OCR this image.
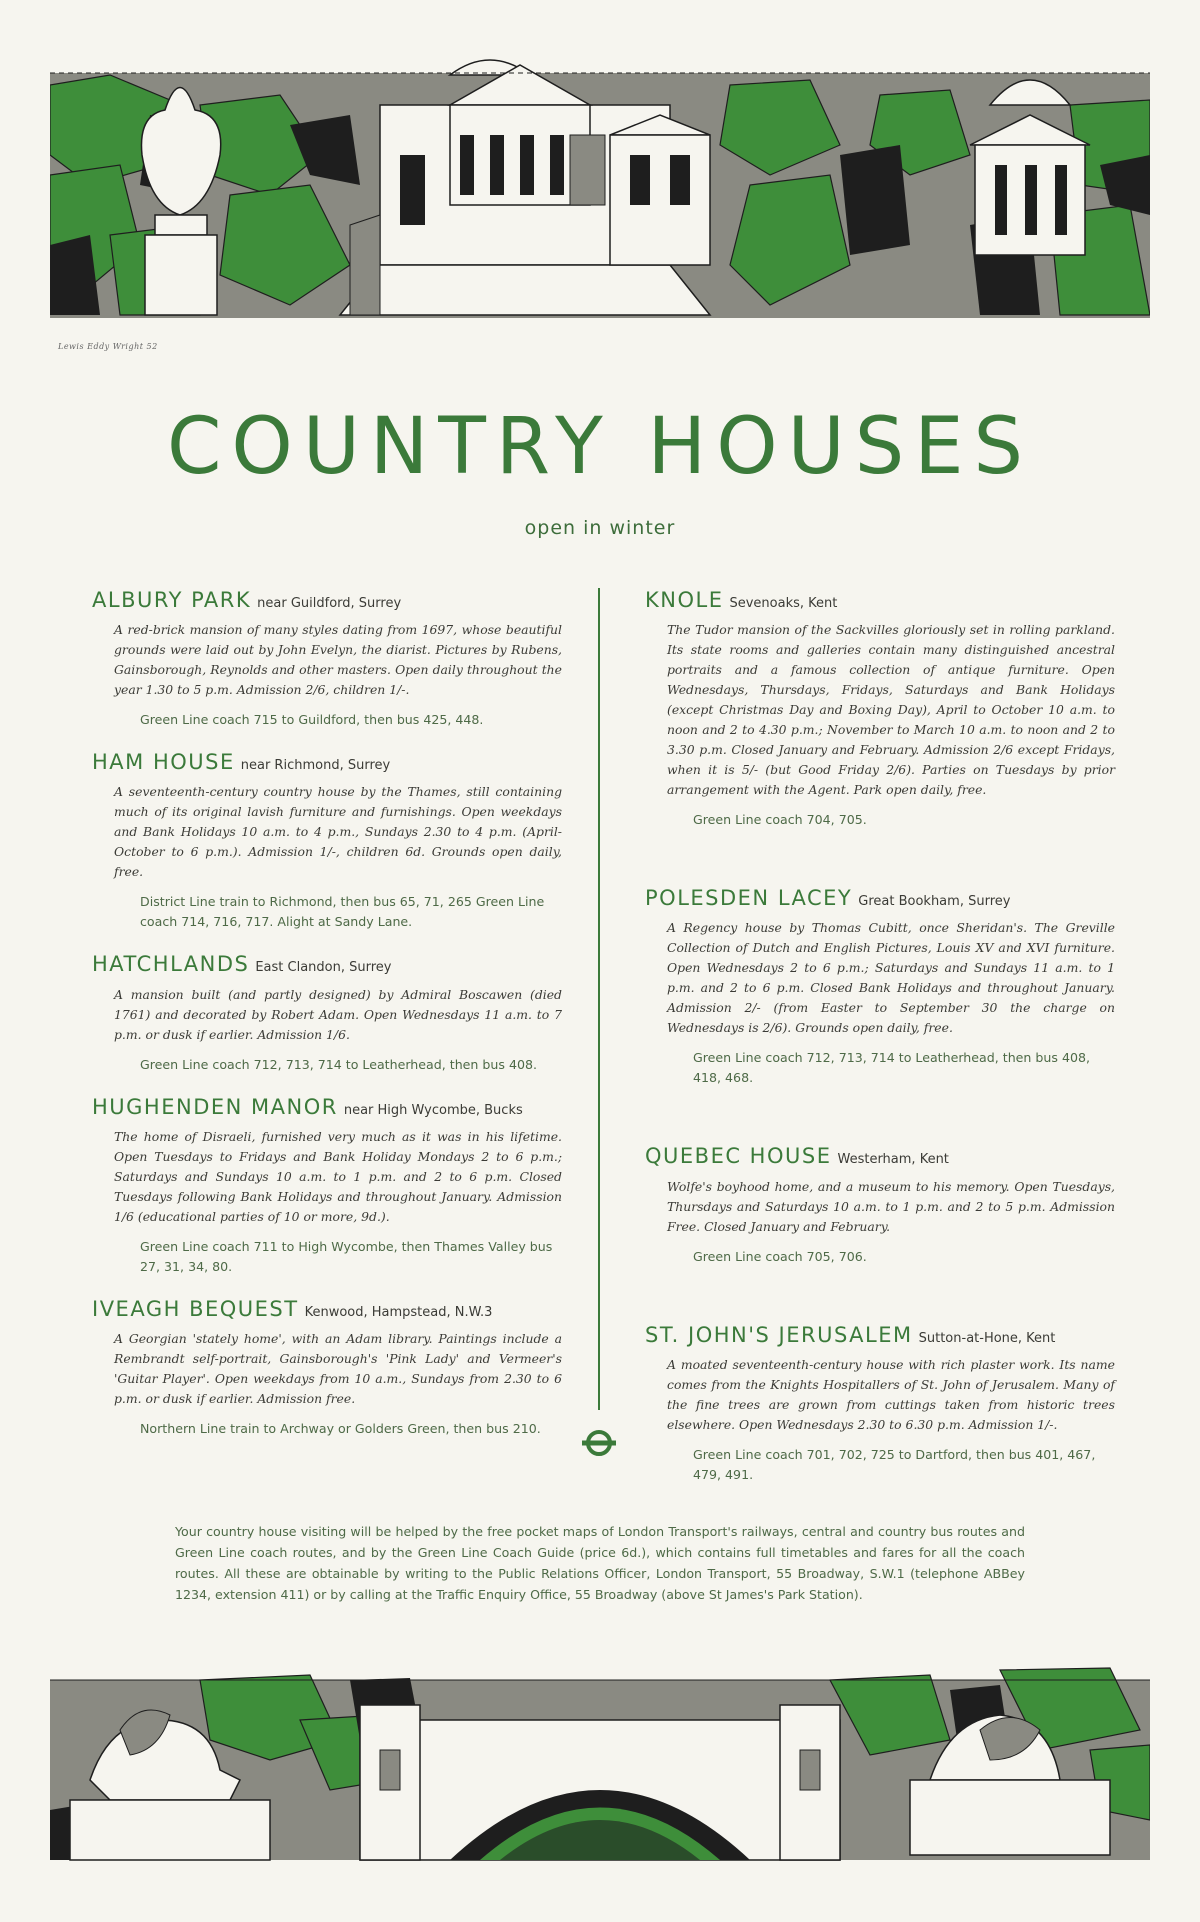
Lewis Eddy Wright 52
COUNTRY HOUSES
open in winter

ALBURY PARK near Guildford, Surrey

A red-brick mansion of many styles dating from 1697, whose beautiful grounds were laid out by John Evelyn, the diarist. Pictures by Rubens, Gainsborough, Reynolds and other masters. Open daily throughout the year 1.30 to 5 p.m. Admission 2/6, children 1/-.

Green Line coach 715 to Guildford, then bus 425, 448.

HAM HOUSE near Richmond, Surrey

A seventeenth-century country house by the Thames, still containing much of its original lavish furniture and furnishings. Open weekdays and Bank Holidays 10 a.m. to 4 p.m., Sundays 2.30 to 4 p.m. (April-October to 6 p.m.). Admission 1/-, children 6d. Grounds open daily, free.

District Line train to Richmond, then bus 65, 71, 265 Green Line coach 714, 716, 717. Alight at Sandy Lane.

HATCHLANDS East Clandon, Surrey

A mansion built (and partly designed) by Admiral Boscawen (died 1761) and decorated by Robert Adam. Open Wednesdays 11 a.m. to 7 p.m. or dusk if earlier. Admission 1/6.

Green Line coach 712, 713, 714 to Leatherhead, then bus 408.

HUGHENDEN MANOR near High Wycombe, Bucks

The home of Disraeli, furnished very much as it was in his lifetime. Open Tuesdays to Fridays and Bank Holiday Mondays 2 to 6 p.m.; Saturdays and Sundays 10 a.m. to 1 p.m. and 2 to 6 p.m. Closed Tuesdays following Bank Holidays and throughout January. Admission 1/6 (educational parties of 10 or more, 9d.).

Green Line coach 711 to High Wycombe, then Thames Valley bus 27, 31, 34, 80.

IVEAGH BEQUEST Kenwood, Hampstead, N.W.3

A Georgian 'stately home', with an Adam library. Paintings include a Rembrandt self-portrait, Gainsborough's 'Pink Lady' and Vermeer's 'Guitar Player'. Open weekdays from 10 a.m., Sundays from 2.30 to 6 p.m. or dusk if earlier. Admission free.

Northern Line train to Archway or Golders Green, then bus 210.

KNOLE Sevenoaks, Kent

The Tudor mansion of the Sackvilles gloriously set in rolling parkland. Its state rooms and galleries contain many distinguished ancestral portraits and a famous collection of antique furniture. Open Wednesdays, Thursdays, Fridays, Saturdays and Bank Holidays (except Christmas Day and Boxing Day), April to October 10 a.m. to noon and 2 to 4.30 p.m.; November to March 10 a.m. to noon and 2 to 3.30 p.m. Closed January and February. Admission 2/6 except Fridays, when it is 5/- (but Good Friday 2/6). Parties on Tuesdays by prior arrangement with the Agent. Park open daily, free.

Green Line coach 704, 705.

POLESDEN LACEY Great Bookham, Surrey

A Regency house by Thomas Cubitt, once Sheridan's. The Greville Collection of Dutch and English Pictures, Louis XV and XVI furniture. Open Wednesdays 2 to 6 p.m.; Saturdays and Sundays 11 a.m. to 1 p.m. and 2 to 6 p.m. Closed Bank Holidays and throughout January. Admission 2/- (from Easter to September 30 the charge on Wednesdays is 2/6). Grounds open daily, free.

Green Line coach 712, 713, 714 to Leatherhead, then bus 408, 418, 468.

QUEBEC HOUSE Westerham, Kent

Wolfe's boyhood home, and a museum to his memory. Open Tuesdays, Thursdays and Saturdays 10 a.m. to 1 p.m. and 2 to 5 p.m. Admission Free. Closed January and February.

Green Line coach 705, 706.

ST. JOHN'S JERUSALEM Sutton-at-Hone, Kent

A moated seventeenth-century house with rich plaster work. Its name comes from the Knights Hospitallers of St. John of Jerusalem. Many of the fine trees are grown from cuttings taken from historic trees elsewhere. Open Wednesdays 2.30 to 6.30 p.m. Admission 1/-.

Green Line coach 701, 702, 725 to Dartford, then bus 401, 467, 479, 491.

Your country house visiting will be helped by the free pocket maps of London Transport's railways, central and country bus routes and Green Line coach routes, and by the Green Line Coach Guide (price 6d.), which contains full timetables and fares for all the coach routes. All these are obtainable by writing to the Public Relations Officer, London Transport, 55 Broadway, S.W.1 (telephone ABBey 1234, extension 411) or by calling at the Traffic Enquiry Office, 55 Broadway (above St James's Park Station).
